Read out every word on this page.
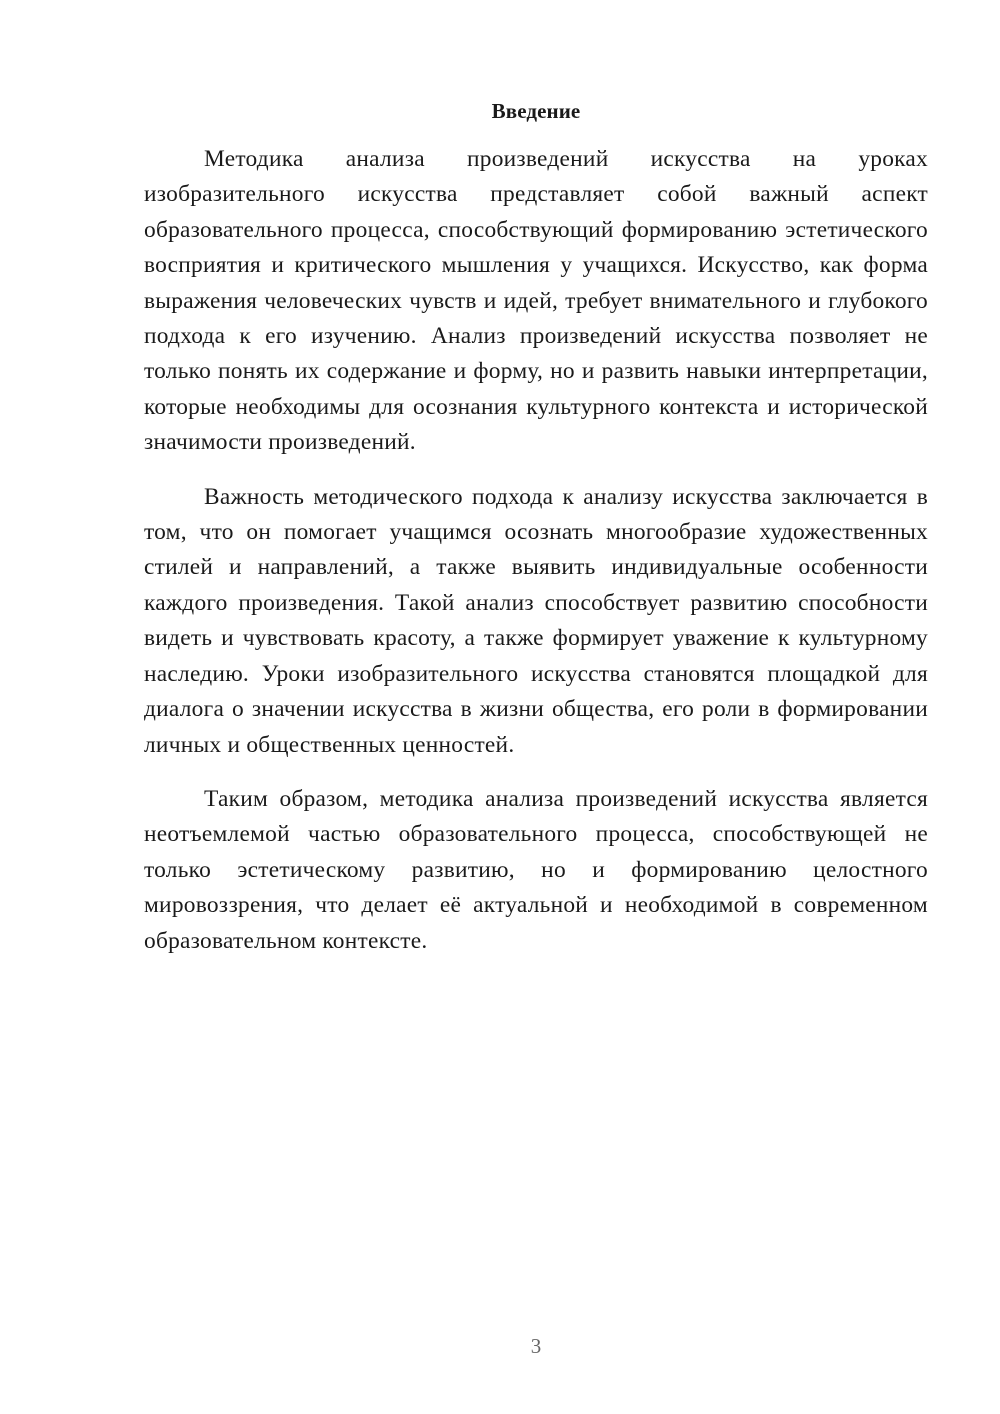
Введение

Методика анализа произведений искусства на уроках изобразительного искусства представляет собой важный аспект образовательного процесса, способствующий формированию эстетического восприятия и критического мышления у учащихся. Искусство, как форма выражения человеческих чувств и идей, требует внимательного и глубокого подхода к его изучению. Анализ произведений искусства позволяет не только понять их содержание и форму, но и развить навыки интерпретации, которые необходимы для осознания культурного контекста и исторической значимости произведений.

Важность методического подхода к анализу искусства заключается в том, что он помогает учащимся осознать многообразие художественных стилей и направлений, а также выявить индивидуальные особенности каждого произведения. Такой анализ способствует развитию способности видеть и чувствовать красоту, а также формирует уважение к культурному наследию. Уроки изобразительного искусства становятся площадкой для диалога о значении искусства в жизни общества, его роли в формировании личных и общественных ценностей.

Таким образом, методика анализа произведений искусства является неотъемлемой частью образовательного процесса, способствующей не только эстетическому развитию, но и формированию целостного мировоззрения, что делает её актуальной и необходимой в современном образовательном контексте.

3
